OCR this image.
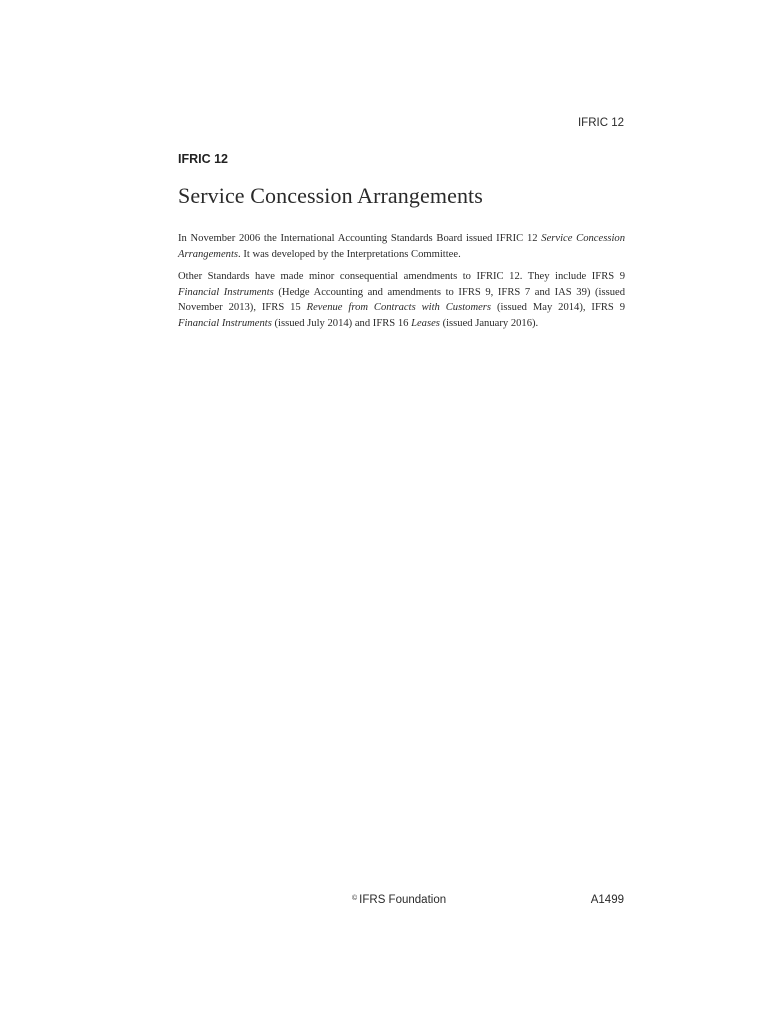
IFRIC 12
IFRIC 12
Service Concession Arrangements

In November 2006 the International Accounting Standards Board issued IFRIC 12 Service Concession Arrangements. It was developed by the Interpretations Committee.

Other Standards have made minor consequential amendments to IFRIC 12. They include IFRS 9 Financial Instruments (Hedge Accounting and amendments to IFRS 9, IFRS 7 and IAS 39) (issued November 2013), IFRS 15 Revenue from Contracts with Customers (issued May 2014), IFRS 9 Financial Instruments (issued July 2014) and IFRS 16 Leases (issued January 2016).

© IFRS Foundation	A1499
